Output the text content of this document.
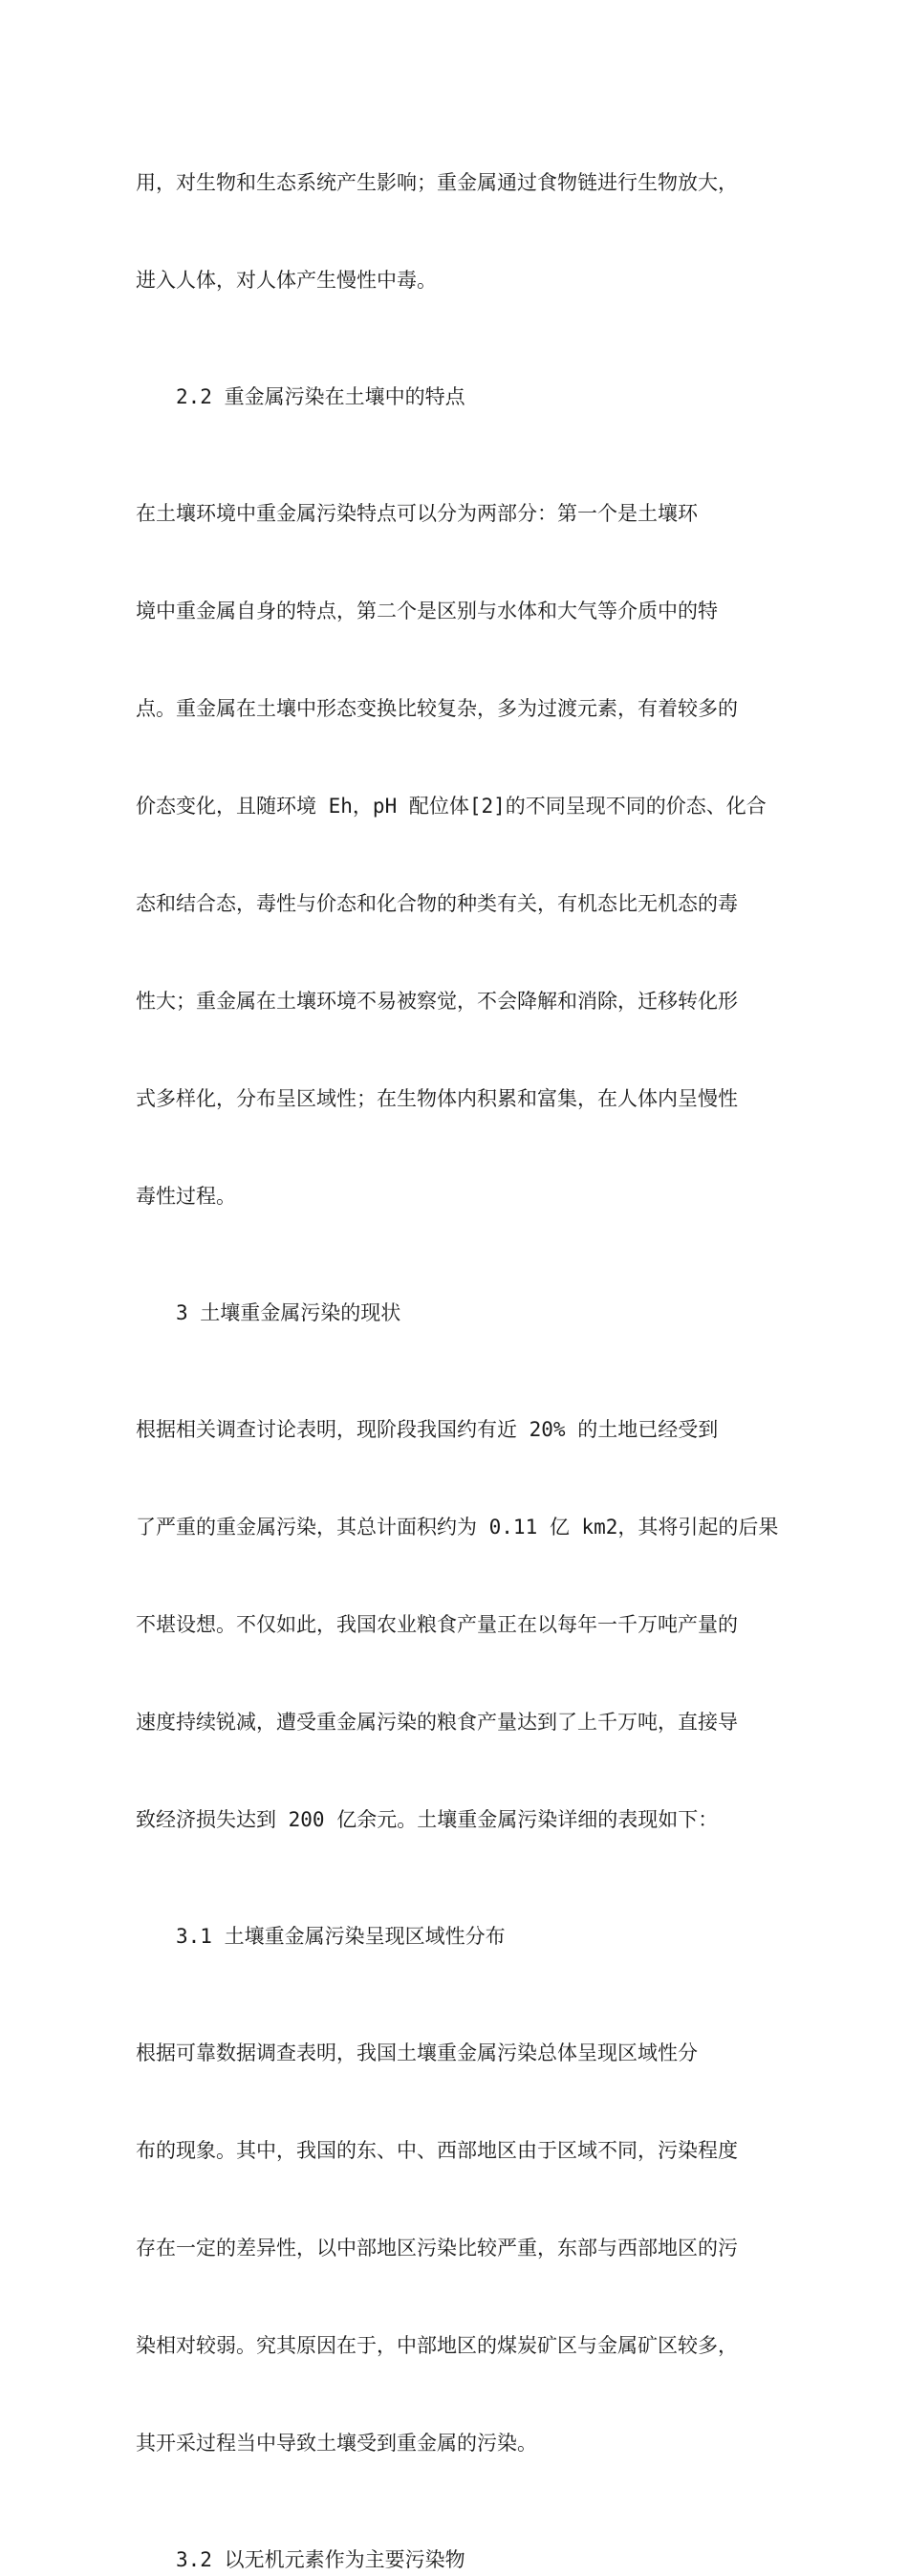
用，对生物和生态系统产生影响；重金属通过食物链进行生物放大，

进入人体，对人体产生慢性中毒。

2.2 重金属污染在土壤中的特点

在土壤环境中重金属污染特点可以分为两部分：第一个是土壤环

境中重金属自身的特点，第二个是区别与水体和大气等介质中的特

点。重金属在土壤中形态变换比较复杂，多为过渡元素，有着较多的

价态变化，且随环境 Eh，pH 配位体[2]的不同呈现不同的价态、化合

态和结合态，毒性与价态和化合物的种类有关，有机态比无机态的毒

性大；重金属在土壤环境不易被察觉，不会降解和消除，迁移转化形

式多样化，分布呈区域性；在生物体内积累和富集，在人体内呈慢性

毒性过程。

3 土壤重金属污染的现状

根据相关调查讨论表明，现阶段我国约有近 20% 的土地已经受到

了严重的重金属污染，其总计面积约为 0.11 亿 km2，其将引起的后果

不堪设想。不仅如此，我国农业粮食产量正在以每年一千万吨产量的

速度持续锐减，遭受重金属污染的粮食产量达到了上千万吨，直接导

致经济损失达到 200 亿余元。土壤重金属污染详细的表现如下：

3.1 土壤重金属污染呈现区域性分布

根据可靠数据调查表明，我国土壤重金属污染总体呈现区域性分

布的现象。其中，我国的东、中、西部地区由于区域不同，污染程度

存在一定的差异性，以中部地区污染比较严重，东部与西部地区的污

染相对较弱。究其原因在于，中部地区的煤炭矿区与金属矿区较多，

其开采过程当中导致土壤受到重金属的污染。

3.2 以无机元素作为主要污染物
